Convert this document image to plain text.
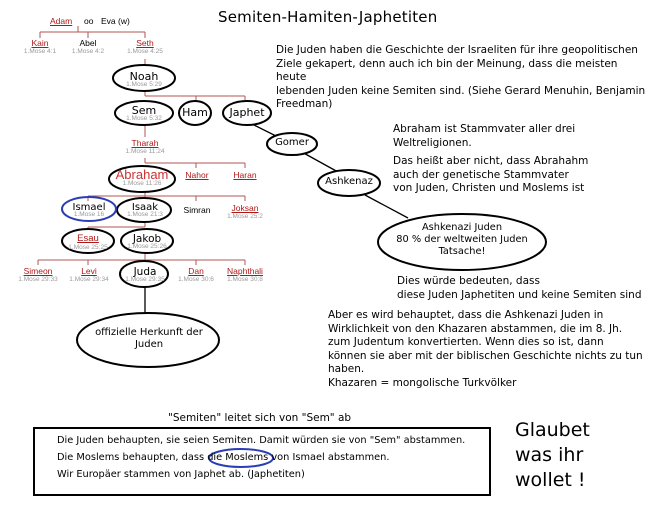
Semiten-Hamiten-Japhetiten
Adam oo Eva (w)
Kain
1.Mose 4:1
Abel
1.Mose 4:2
Seth
1.Mose 4:25
Noah
1.Mose 5:29
Sem
1.Mose 5:32	Ham	Japhet
Gomer
Ashkenaz
Tharah
1.Mose 11:24
Abraham
1.Mose 11:26
Nahor	Haran
Ismael
1.Mose 16
Isaak
1.Mose 21:3	Simran	Joksan
1.Mose 25:2
Esau
1.Mose 25:25
Jakob
1.Mose 25:26
Simeon
1.Mose 29:33
Levi
1.Mose 29:34
Juda
1.Mose 29:35
Dan
1.Mose 30:6
Naphthali
1.Mose 30:8
offizielle Herkunft der
Juden
Ashkenazi Juden
80 % der weltweiten Juden
Tatsache!
Die Juden haben die Geschichte der Israeliten für ihre geopolitischen
Ziele gekapert, denn auch ich bin der Meinung, dass die meisten heute
lebenden Juden keine Semiten sind. (Siehe Gerard Menuhin, Benjamin
Freedman)
Abraham ist Stammvater aller drei
Weltreligionen.
Das heißt aber nicht, dass Abrahahm
auch der genetische Stammvater
von Juden, Christen und Moslems ist
Dies würde bedeuten, dass
diese Juden Japhetiten und keine Semiten sind
Aber es wird behauptet, dass die Ashkenazi Juden in
Wirklichkeit von den Khazaren abstammen, die im 8. Jh.
zum Judentum konvertierten. Wenn dies so ist, dann
können sie aber mit der biblischen Geschichte nichts zu tun
haben.
Khazaren = mongolische Turkvölker
"Semiten" leitet sich von "Sem" ab
Die Juden behaupten, sie seien Semiten. Damit würden sie von "Sem" abstammen.
Die Moslems behaupten, dass die Moslems von Ismael abstammen.
Wir Europäer stammen von Japhet ab. (Japhetiten)
Glaubet
was ihr
wollet !
